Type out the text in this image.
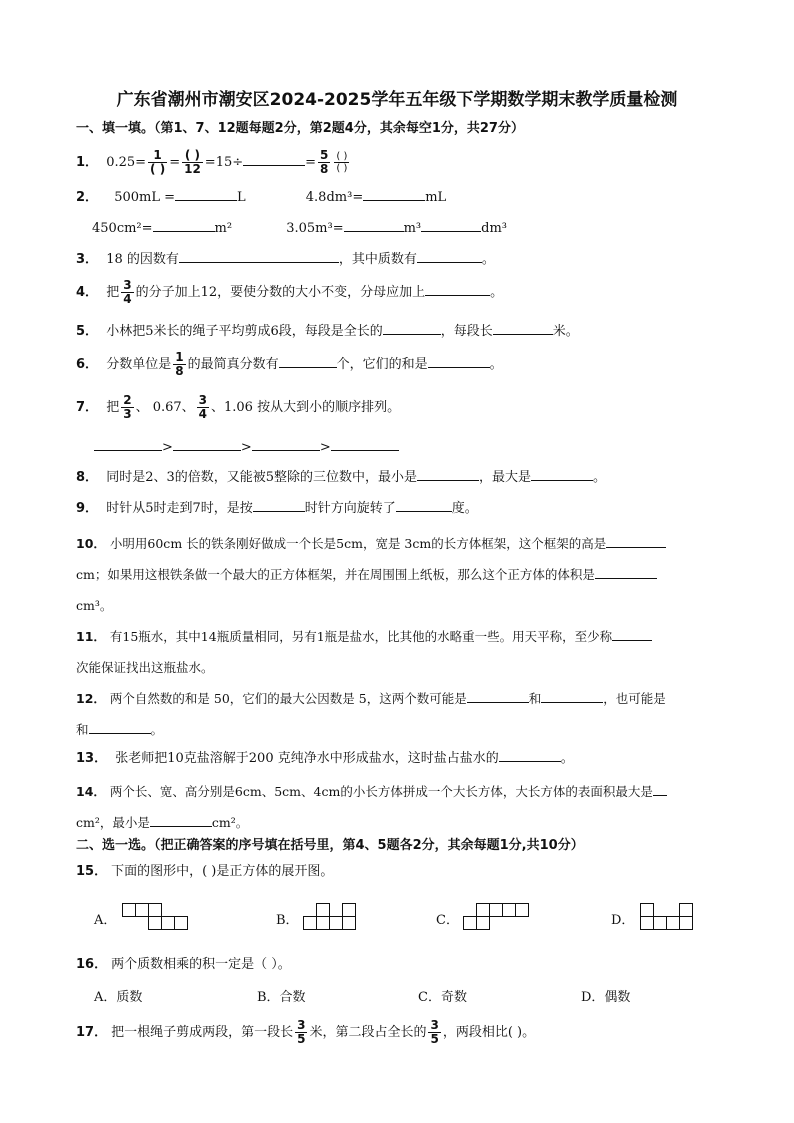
广东省潮州市潮安区2024-2025学年五年级下学期数学期末教学质量检测
一、填一填。（第1、7、12题每题2分，第2题4分，其余每空1分，共27分）
1． $0.25= \frac{1}{( )} = \frac{( )}{12} =15\div$	= $\frac{5}{8} \frac{( )}{( )}$
2． 500mL =	L	4.8dm³=	mL
450cm²=	m²	3.05m³=	m³	dm³
3． 18 的因数有	，其中质数有	。
4． 把 $\frac{3}{4}$ 的分子加上12，要使分数的大小不变，分母应加上	。
5． 小林把5米长的绳子平均剪成6段，每段是全长的	，每段长	米。
6． 分数单位是 $\frac{1}{8}$ 的最简真分数有	个，它们的和是	。
7． 把 $\frac{2}{3}$ 、 0.67、 $\frac{3}{4}$ 、1.06 按从大到小的顺序排列。
>	>	>
8． 同时是2、3的倍数，又能被5整除的三位数中，最小是	，最大是	。
9． 时针从5时走到7时，是按	时针方向旋转了	度。
10． 小明用60cm 长的铁条刚好做成一个长是5cm，宽是 3cm的长方体框架，这个框架的高是
cm；如果用这根铁条做一个最大的正方体框架，并在周围围上纸板，那么这个正方体的体积是
cm³。
11． 有15瓶水，其中14瓶质量相同，另有1瓶是盐水，比其他的水略重一些。用天平称，至少称
次能保证找出这瓶盐水。
12． 两个自然数的和是 50，它们的最大公因数是 5，这两个数可能是	和	，也可能是
和	。
13． 张老师把10克盐溶解于200 克纯净水中形成盐水，这时盐占盐水的	。
14． 两个长、宽、高分别是6cm、5cm、4cm的小长方体拼成一个大长方体，大长方体的表面积最大是
cm²，最小是	cm²。
二、选一选。（把正确答案的序号填在括号里，第4、5题各2分，其余每题1分,共10分）
15． 下面的图形中，( )是正方体的展开图。
A．	B．	C．	D．
16． 两个质数相乘的积一定是（ ）。
A．质数	B．合数	C．奇数	D．偶数
17． 把一根绳子剪成两段，第一段长 $\frac{3}{5}$ 米，第二段占全长的 $\frac{3}{5}$ ，两段相比( )。
